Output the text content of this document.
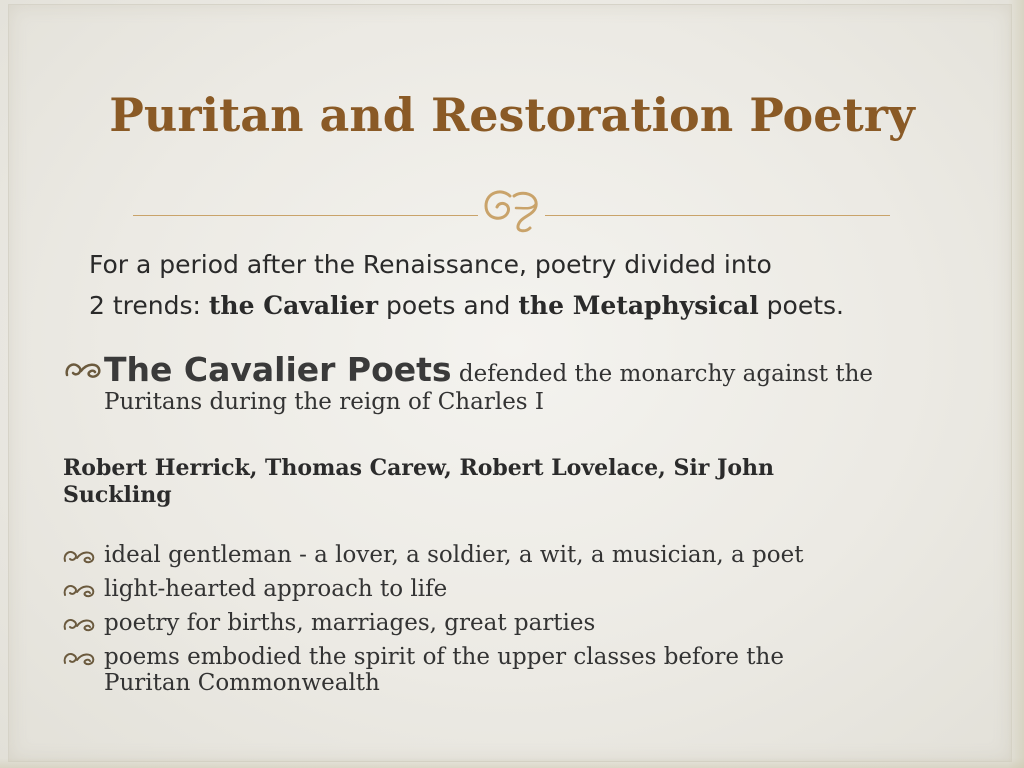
Puritan and Restoration Poetry
For a period after the Renaissance, poetry divided into
2 trends: the Cavalier poets and the Metaphysical poets.
The Cavalier Poets defended the monarchy against the
Puritans during the reign of Charles I
Robert Herrick, Thomas Carew, Robert Lovelace, Sir John
Suckling
ideal gentleman - a lover, a soldier, a wit, a musician, a poet
light-hearted approach to life
poetry for births, marriages, great parties
poems embodied the spirit of the upper classes before the
Puritan Commonwealth
